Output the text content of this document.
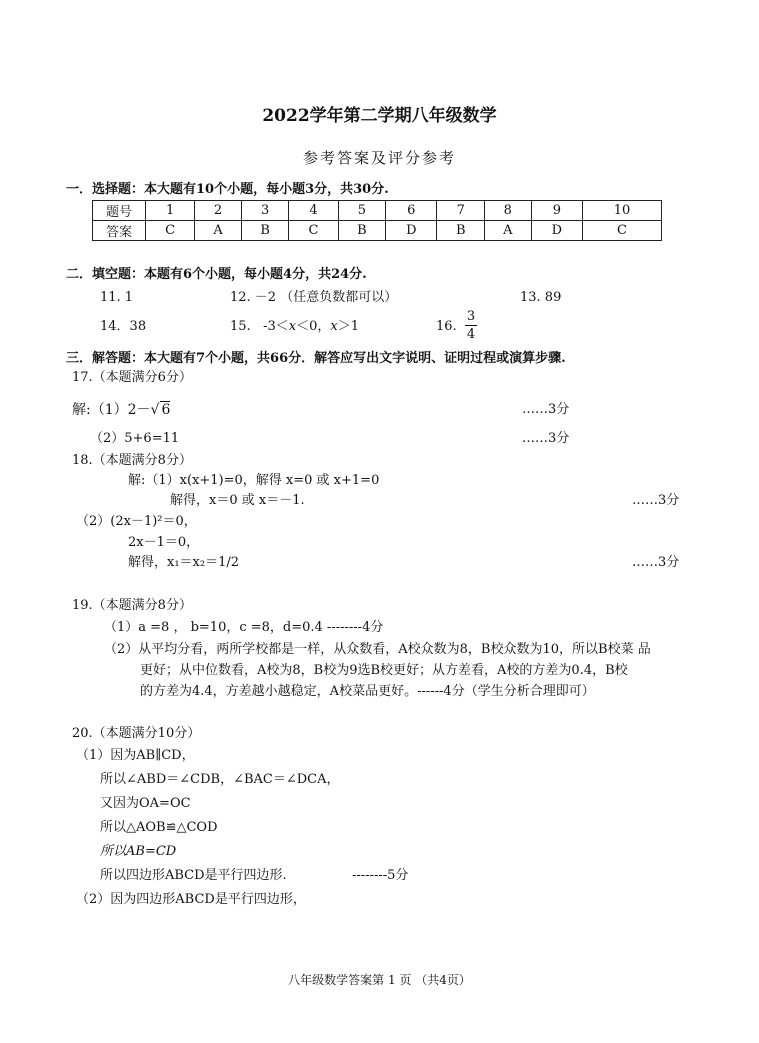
2022学年第二学期八年级数学
参考答案及评分参考
一．选择题：本大题有10个小题，每小题3分，共30分.
题号	1	2	3	4	5	6	7	8	9	10
答案	C	A	B	C	B	D	B	A	D	C
二．填空题：本题有6个小题，每小题4分，共24分.
11. 1	12. －2 （任意负数都可以）	13. 89
14．38	15. -3＜x＜0，x＞1	16.
3
4
三．解答题：本大题有7个小题，共66分．解答应写出文字说明、证明过程或演算步骤.
17.（本题满分6分）
解:（1）2－√ 6	……3分
（2）5+6=11	……3分
18.（本题满分8分）
解:（1）x(x+1)=0，解得 x=0 或 x+1=0
解得，x＝0 或 x＝－1.	……3分
（2）(2x－1)²＝0，
2x－1＝0，
解得，x₁＝x₂＝1/2	……3分
19.（本题满分8分）
（1）a =8 ， b=10，c =8，d=0.4 --------4分
（2）从平均分看，两所学校都是一样，从众数看，A校众数为8，B校众数为10，所以B校菜 品
更好；从中位数看，A校为8，B校为9选B校更好；从方差看，A校的方差为0.4，B校
的方差为4.4，方差越小越稳定，A校菜品更好。------4分（学生分析合理即可）
20.（本题满分10分）
（1）因为AB∥CD，
所以∠ABD＝∠CDB，∠BAC＝∠DCA，
又因为OA=OC
所以△AOB≌△COD
所以AB=CD
所以四边形ABCD是平行四边形.	--------5分
（2）因为四边形ABCD是平行四边形，
八年级数学答案第 1 页 （共4页）
